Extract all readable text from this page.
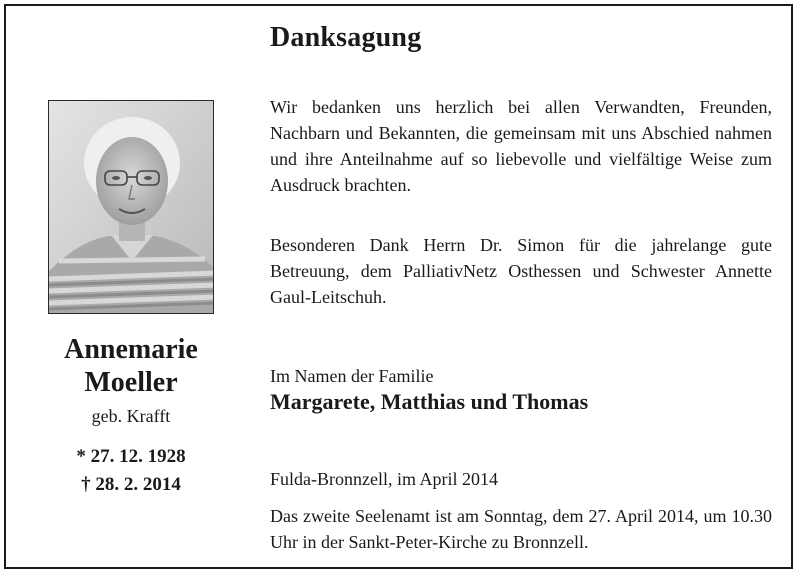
Danksagung
Annemarie
Moeller
geb. Krafft
* 27. 12. 1928
† 28. 2. 2014
Wir bedanken uns herzlich bei allen Verwandten, Freunden, Nachbarn und Bekannten, die gemeinsam mit uns Abschied nahmen und ihre Anteilnahme auf so liebevolle und vielfältige Weise zum Ausdruck brachten.
Besonderen Dank Herrn Dr. Simon für die jahrelange gute Betreuung, dem PalliativNetz Osthessen und Schwester Annette Gaul-Leitschuh.
Im Namen der Familie
Margarete, Matthias und Thomas
Fulda-Bronnzell, im April 2014
Das zweite Seelenamt ist am Sonntag, dem 27. April 2014, um 10.30 Uhr in der Sankt-Peter-Kirche zu Bronnzell.
